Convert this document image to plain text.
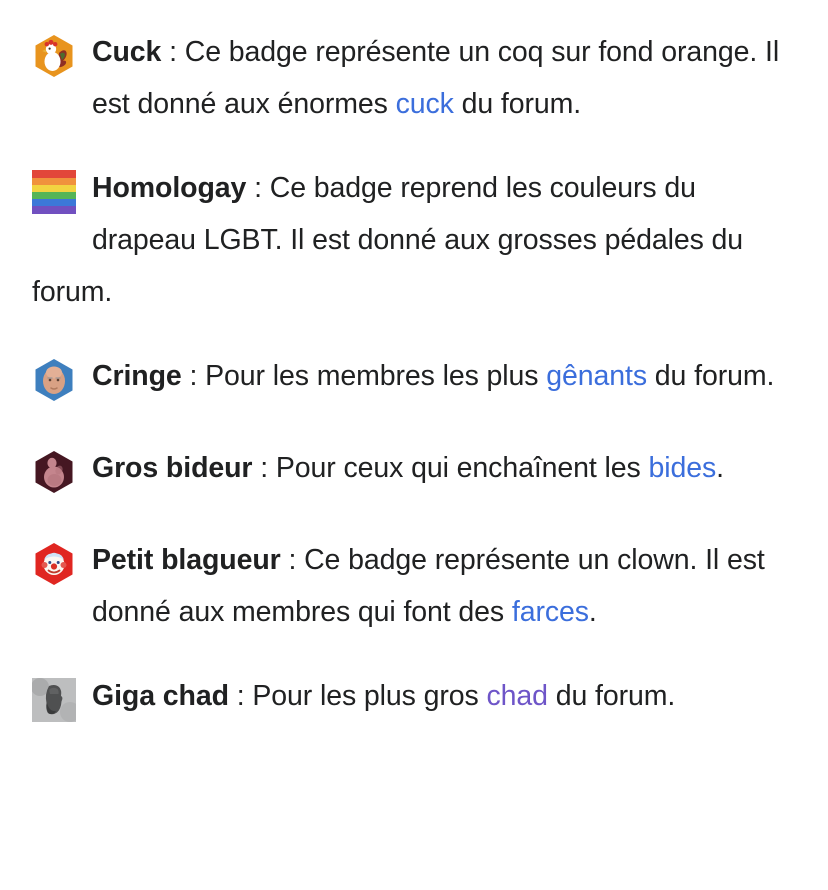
Cuck : Ce badge représente un coq sur fond orange. Il est donné aux énormes cuck du forum.
Homologay : Ce badge reprend les couleurs du drapeau LGBT. Il est donné aux grosses pédales du forum.
Cringe : Pour les membres les plus gênants du forum.
Gros bideur : Pour ceux qui enchaînent les bides.
Petit blagueur : Ce badge représente un clown. Il est donné aux membres qui font des farces.
Giga chad : Pour les plus gros chad du forum.
